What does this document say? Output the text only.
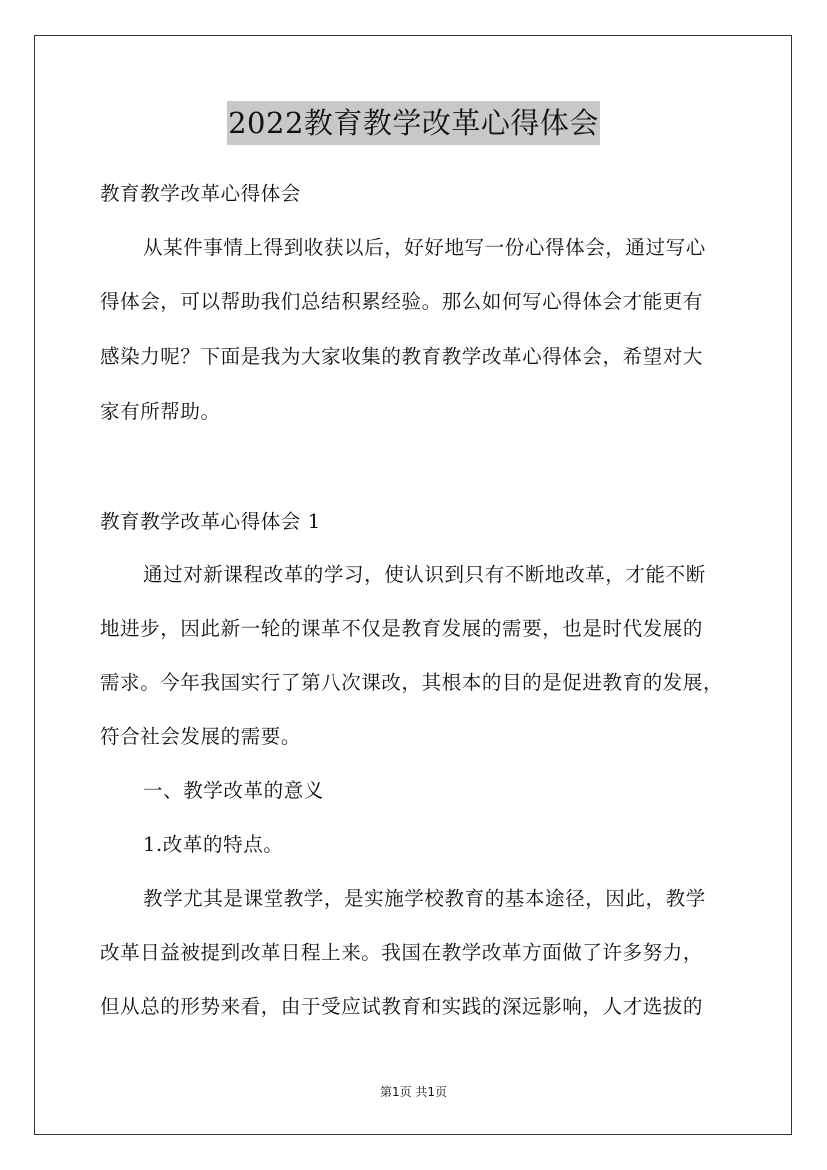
2022教育教学改革心得体会
教育教学改革心得体会
从某件事情上得到收获以后，好好地写一份心得体会，通过写心
得体会，可以帮助我们总结积累经验。那么如何写心得体会才能更有
感染力呢？下面是我为大家收集的教育教学改革心得体会，希望对大
家有所帮助。
教育教学改革心得体会 1
通过对新课程改革的学习，使认识到只有不断地改革，才能不断
地进步，因此新一轮的课革不仅是教育发展的需要，也是时代发展的
需求。今年我国实行了第八次课改，其根本的目的是促进教育的发展，
符合社会发展的需要。
一、教学改革的意义
1.改革的特点。
教学尤其是课堂教学，是实施学校教育的基本途径，因此，教学
改革日益被提到改革日程上来。我国在教学改革方面做了许多努力，
但从总的形势来看，由于受应试教育和实践的深远影响，人才选拔的
第1页 共1页
